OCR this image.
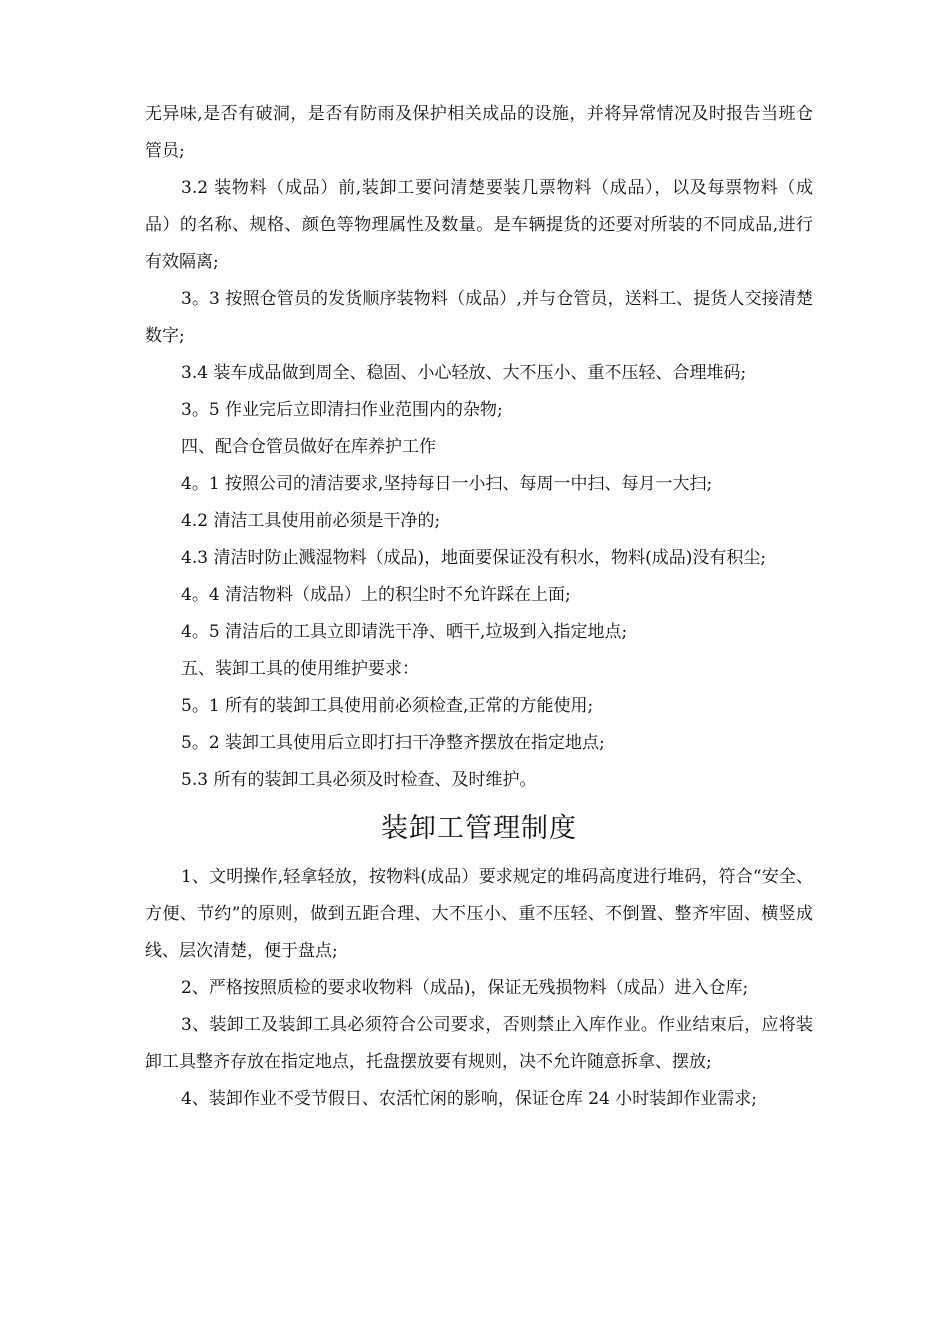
无异味,是否有破洞，是否有防雨及保护相关成品的设施，并将异常情况及时报告当班仓管员;

3.2 装物料（成品）前,装卸工要问清楚要装几票物料（成品），以及每票物料（成品）的名称、规格、颜色等物理属性及数量。是车辆提货的还要对所装的不同成品,进行有效隔离;

3。3 按照仓管员的发货顺序装物料（成品）,并与仓管员，送料工、提货人交接清楚数字;

3.4 装车成品做到周全、稳固、小心轻放、大不压小、重不压轻、合理堆码;

3。5 作业完后立即清扫作业范围内的杂物;

四、配合仓管员做好在库养护工作

4。1 按照公司的清洁要求,坚持每日一小扫、每周一中扫、每月一大扫;

4.2 清洁工具使用前必须是干净的;

4.3 清洁时防止溅湿物料（成品)，地面要保证没有积水，物料(成品)没有积尘;

4。4 清洁物料（成品）上的积尘时不允许踩在上面;

4。5 清洁后的工具立即请洗干净、晒干,垃圾到入指定地点;

五、装卸工具的使用维护要求：

5。1 所有的装卸工具使用前必须检查,正常的方能使用;

5。2 装卸工具使用后立即打扫干净整齐摆放在指定地点;

5.3 所有的装卸工具必须及时检查、及时维护。

装卸工管理制度

1、文明操作,轻拿轻放，按物料(成品）要求规定的堆码高度进行堆码，符合“安全、方便、节约”的原则，做到五距合理、大不压小、重不压轻、不倒置、整齐牢固、横竖成线、层次清楚，便于盘点;

2、严格按照质检的要求收物料（成品)，保证无残损物料（成品）进入仓库;

3、装卸工及装卸工具必须符合公司要求，否则禁止入库作业。作业结束后，应将装卸工具整齐存放在指定地点，托盘摆放要有规则，决不允许随意拆拿、摆放;

4、装卸作业不受节假日、农活忙闲的影响，保证仓库 24 小时装卸作业需求;
